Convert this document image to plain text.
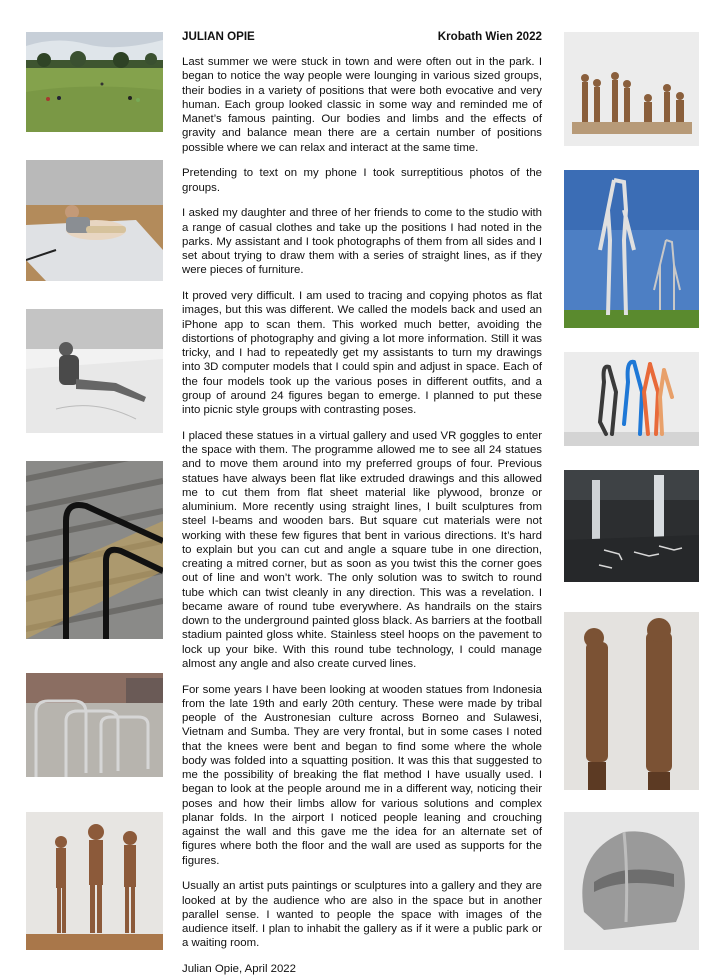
JULIAN OPIE	Krobath Wien 2022

Last summer we were stuck in town and were often out in the park. I began to notice the way people were lounging in various sized groups, their bodies in a variety of positions that were both evocative and very human. Each group looked classic in some way and reminded me of Manet’s famous painting. Our bodies and limbs and the effects of gravity and balance mean there are a certain number of positions possible where we can relax and interact at the same time.

Pretending to text on my phone I took surreptitious photos of the groups.

I asked my daughter and three of her friends to come to the studio with a range of casual clothes and take up the positions I had noted in the parks. My assistant and I took photographs of them from all sides and I set about trying to draw them with a series of straight lines, as if they were pieces of furniture.

It proved very difficult. I am used to tracing and copying photos as flat images, but this was different. We called the models back and used an iPhone app to scan them. This worked much better, avoiding the distortions of photography and giving a lot more information. Still it was tricky, and I had to repeatedly get my assistants to turn my drawings into 3D computer models that I could spin and adjust in space. Each of the four models took up the various poses in different outfits, and a group of around 24 figures began to emerge. I planned to put these into picnic style groups with contrasting poses.

I placed these statues in a virtual gallery and used VR goggles to enter the space with them. The programme allowed me to see all 24 statues and to move them around into my preferred groups of four. Previous statues have always been flat like extruded drawings and this allowed me to cut them from flat sheet material like plywood, bronze or aluminium. More recently using straight lines, I built sculptures from steel I-beams and wooden bars. But square cut materials were not working with these few figures that bent in various directions. It’s hard to explain but you can cut and angle a square tube in one direction, creating a mitred corner, but as soon as you twist this the corner goes out of line and won’t work. The only solution was to switch to round tube which can twist cleanly in any direction. This was a revelation. I became aware of round tube everywhere. As handrails on the stairs down to the underground painted gloss black. As barriers at the football stadium painted gloss white. Stainless steel hoops on the pavement to lock up your bike. With this round tube technology, I could manage almost any angle and also create curved lines.

For some years I have been looking at wooden statues from Indonesia from the late 19th and early 20th century. These were made by tribal people of the Austronesian culture across Borneo and Sulawesi, Vietnam and Sumba. They are very frontal, but in some cases I noted that the knees were bent and began to find some where the whole body was folded into a squatting position. It was this that suggested to me the possibility of breaking the flat method I have usually used. I began to look at the people around me in a different way, noticing their poses and how their limbs allow for various solutions and complex planar folds. In the airport I noticed people leaning and crouching against the wall and this gave me the idea for an alternate set of figures where both the floor and the wall are used as supports for the figures.

Usually an artist puts paintings or sculptures into a gallery and they are looked at by the audience who are also in the space but in another parallel sense. I wanted to people the space with images of the audience itself. I plan to inhabit the gallery as if it were a public park or a waiting room.

Julian Opie, April 2022
